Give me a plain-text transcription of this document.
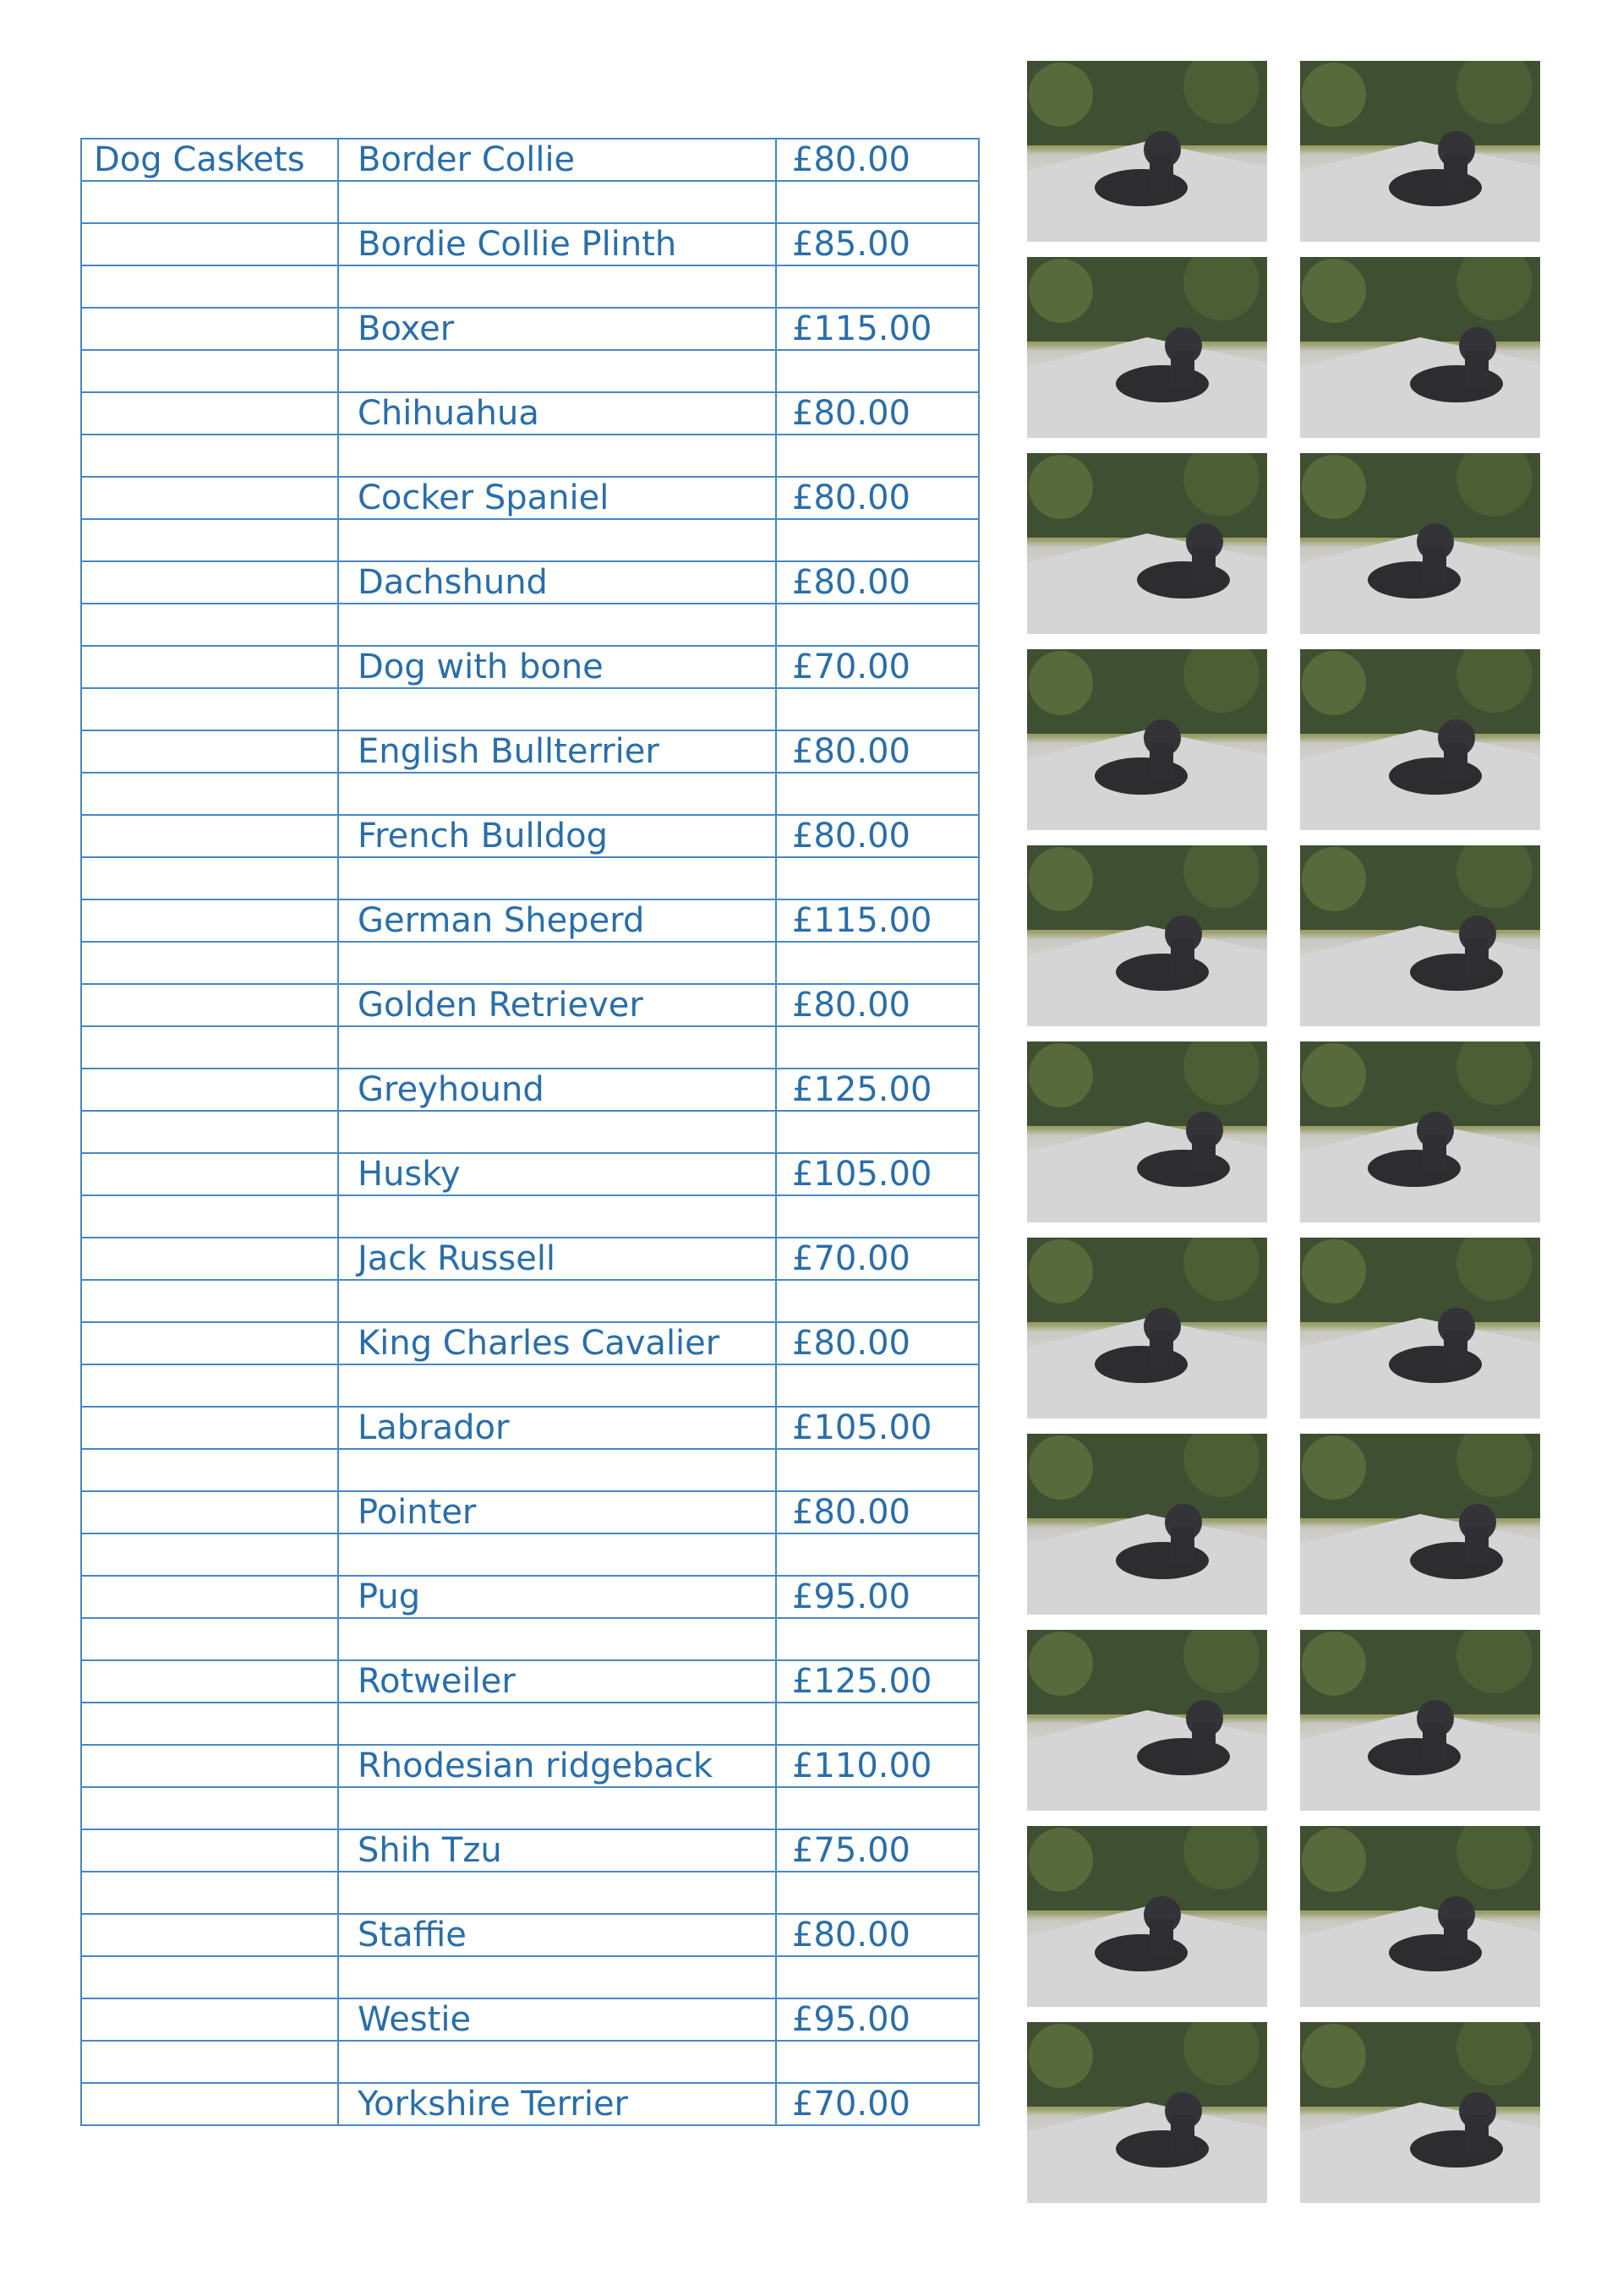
Dog Caskets	Border Collie	£80.00

	Bordie Collie Plinth	£85.00

	Boxer	£115.00

	Chihuahua	£80.00

	Cocker Spaniel	£80.00

	Dachshund	£80.00

	Dog with bone	£70.00

	English Bullterrier	£80.00

	French Bulldog	£80.00

	German Sheperd	£115.00

	Golden Retriever	£80.00

	Greyhound	£125.00

	Husky	£105.00

	Jack Russell	£70.00

	King Charles Cavalier	£80.00

	Labrador	£105.00

	Pointer	£80.00

	Pug	£95.00

	Rotweiler	£125.00

	Rhodesian ridgeback	£110.00

	Shih Tzu	£75.00

	Staffie	£80.00

	Westie	£95.00

	Yorkshire Terrier	£70.00
